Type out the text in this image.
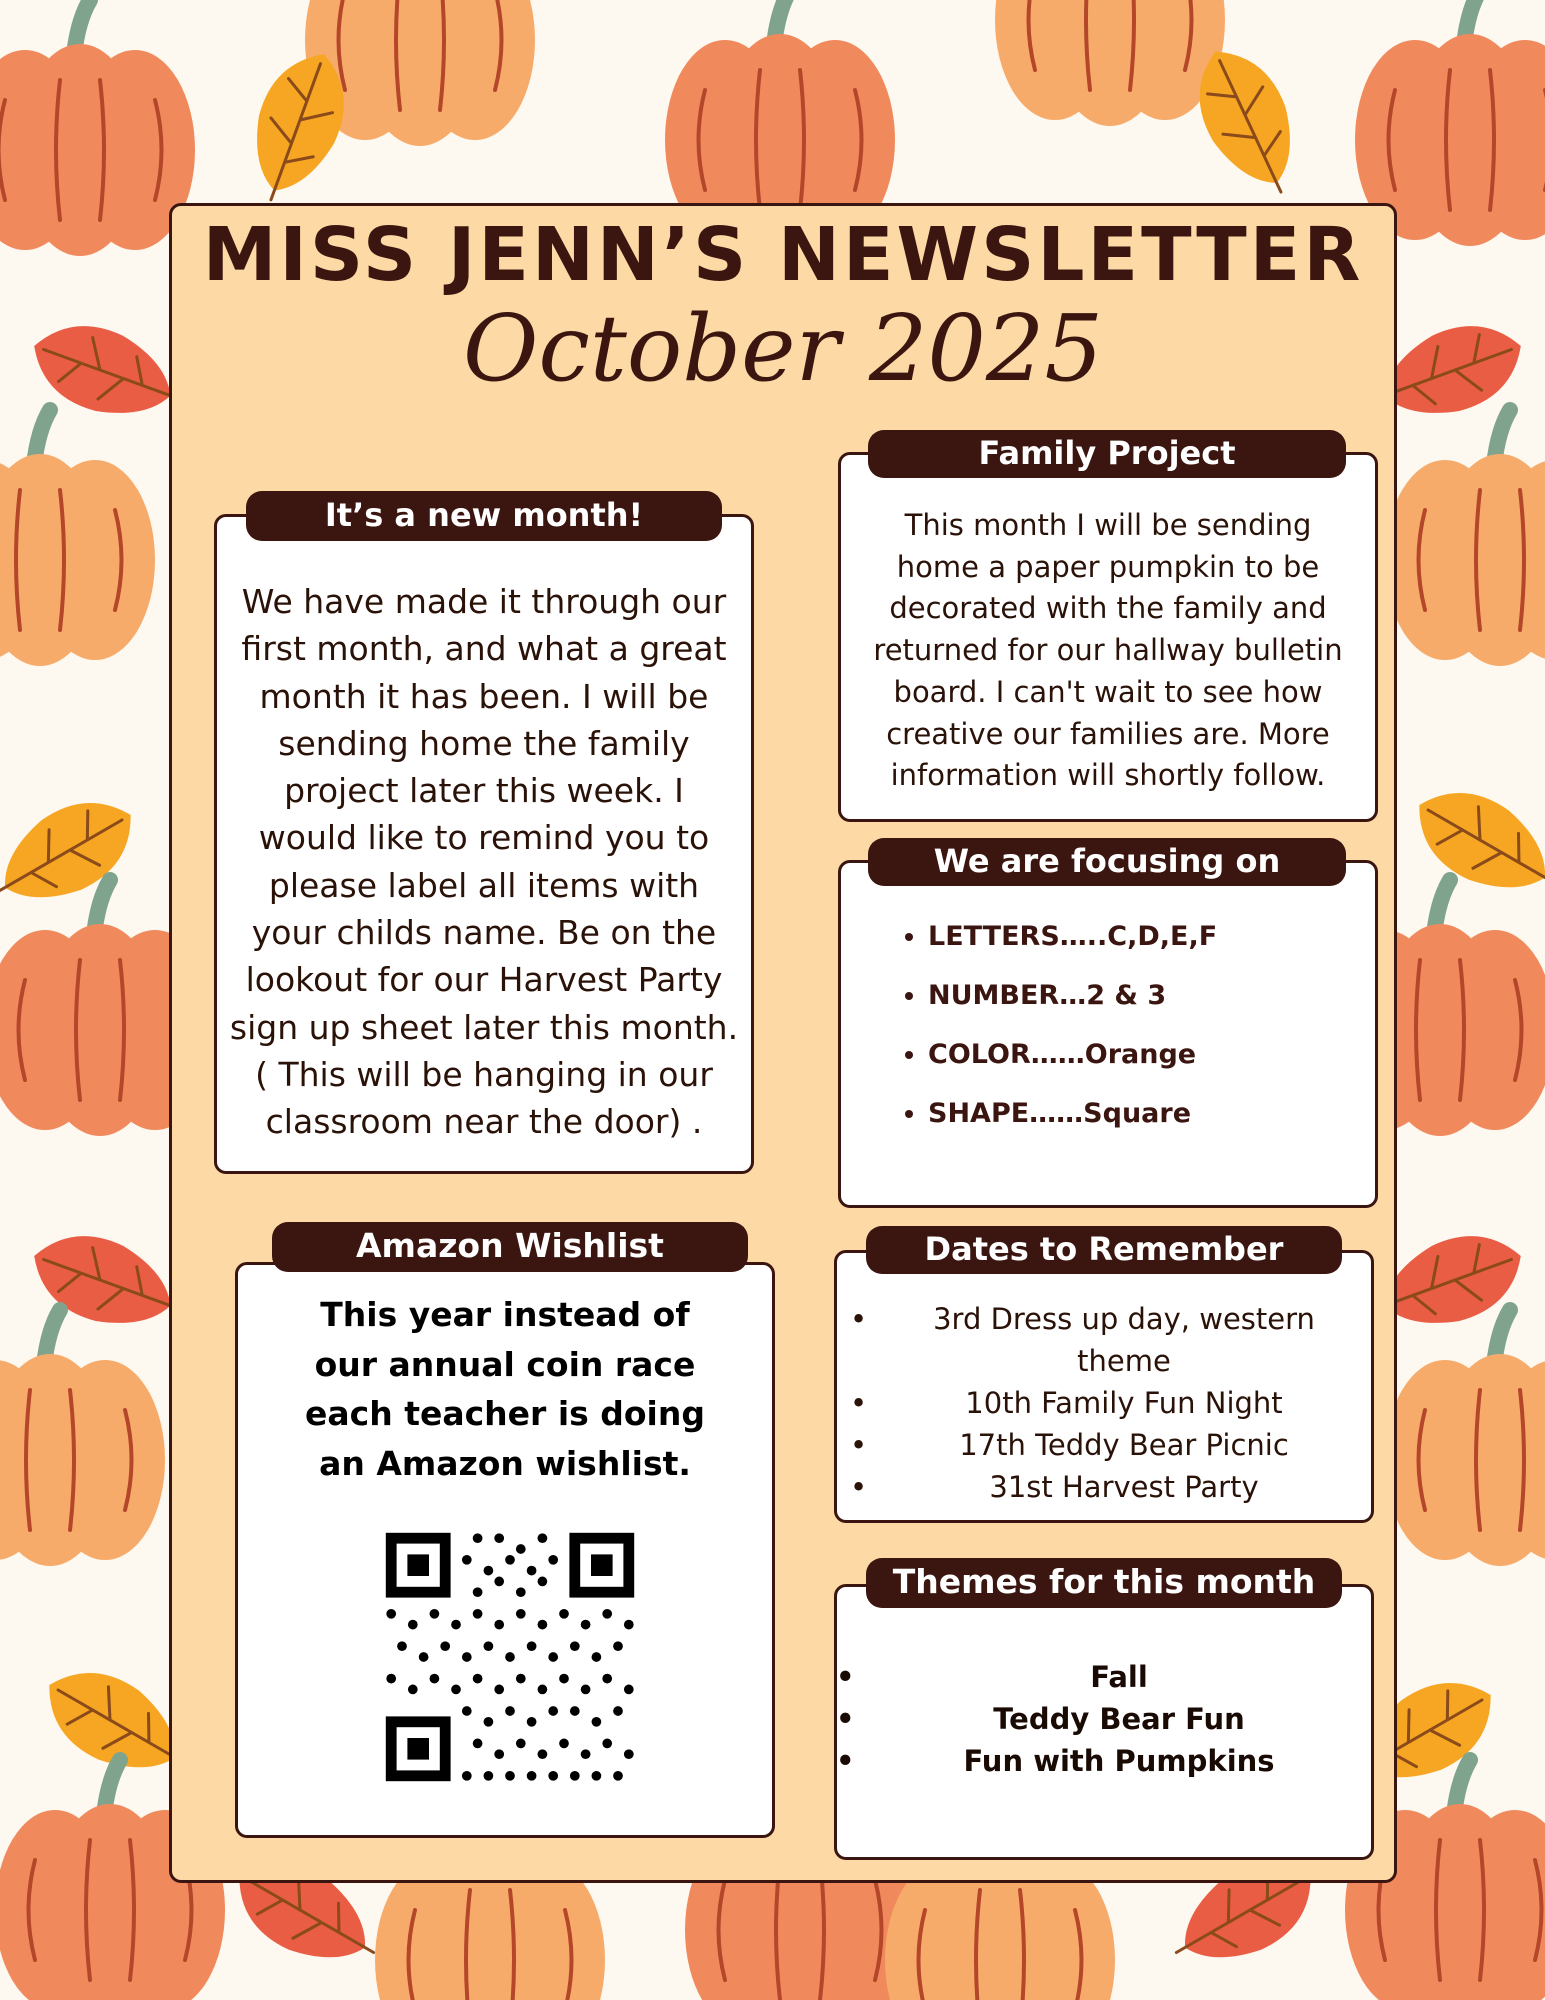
MISS JENN’S NEWSLETTER
October 2025
It’s a new month!
We have made it through our
first month, and what a great
month it has been. I will be
sending home the family
project later this week. I
would like to remind you to
please label all items with
your childs name. Be on the
lookout for our Harvest Party
sign up sheet later this month.
( This will be hanging in our
classroom near the door) .
Family Project
This month I will be sending
home a paper pumpkin to be
decorated with the family and
returned for our hallway bulletin
board. I can't wait to see how
creative our families are. More
information will shortly follow.
We are focusing on
• LETTERS…..C,D,E,F
• NUMBER…2 & 3
• COLOR……Orange
• SHAPE……Square
Amazon Wishlist
This year instead of
our annual coin race
each teacher is doing
an Amazon wishlist.
Dates to Remember
•	3rd Dress up day, western theme
•	10th Family Fun Night
•	17th Teddy Bear Picnic
•	31st Harvest Party
Themes for this month
•	Fall
•	Teddy Bear Fun
•	Fun with Pumpkins
